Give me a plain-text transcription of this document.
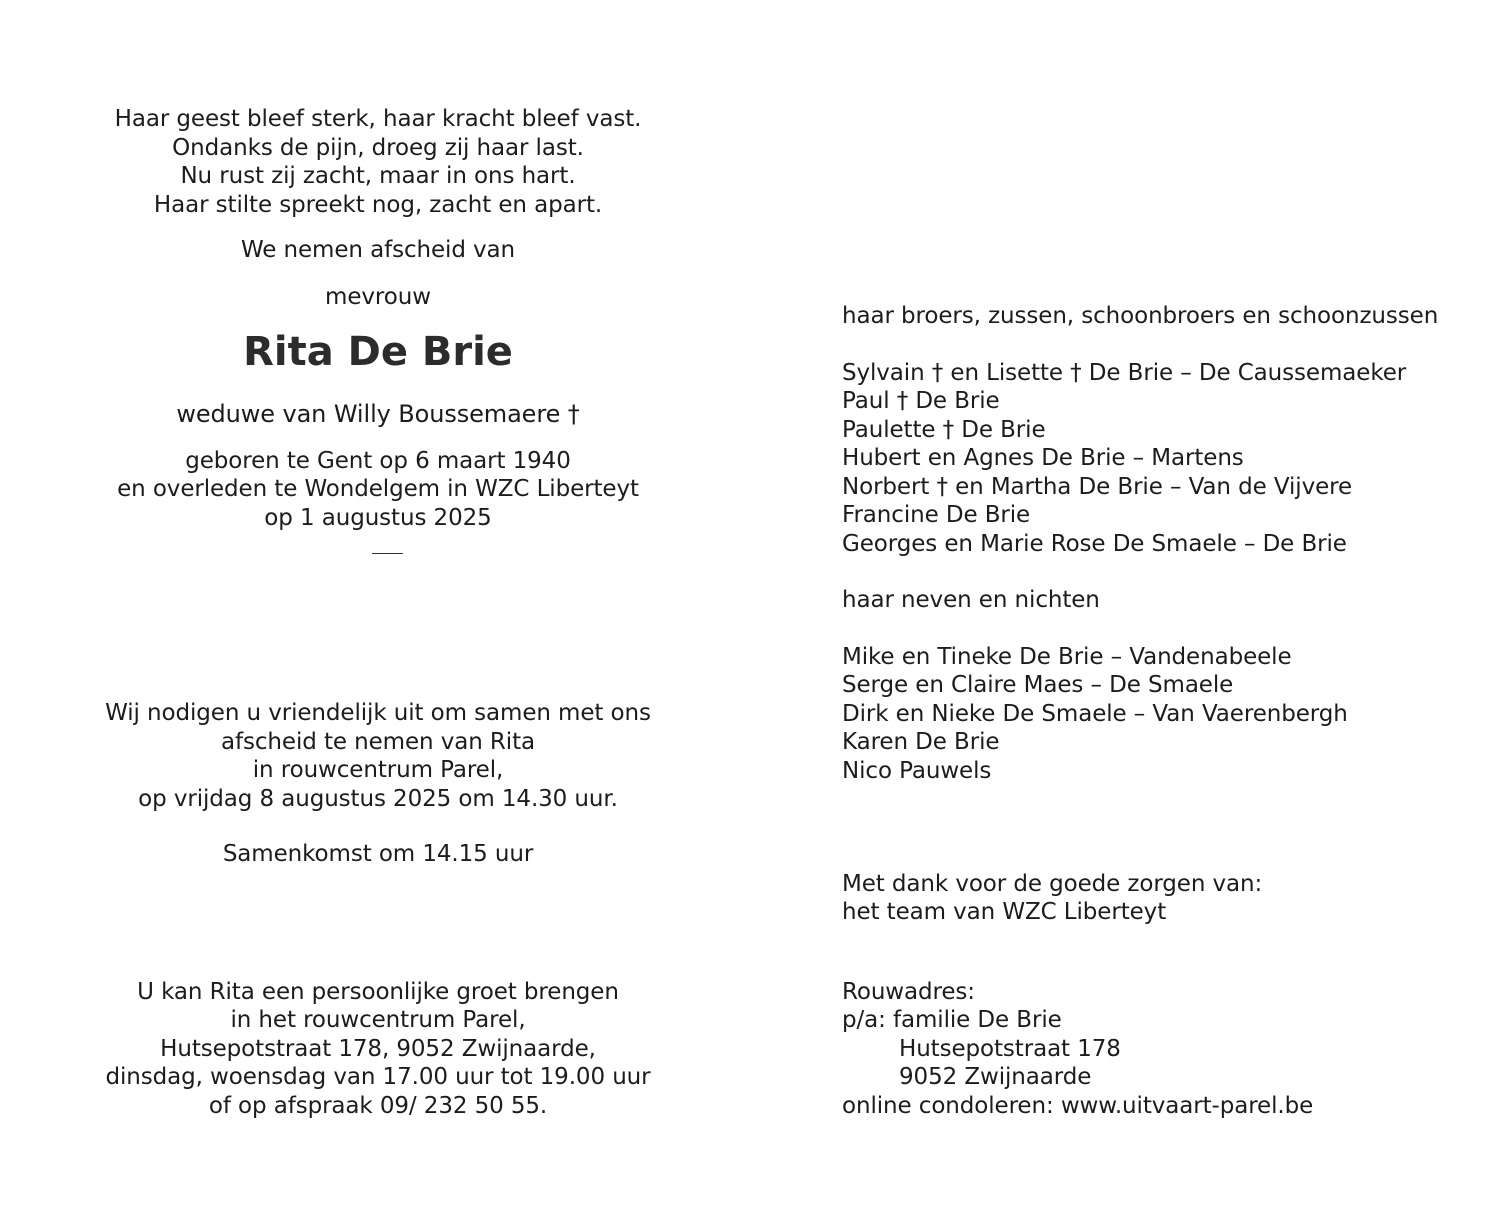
Haar geest bleef sterk, haar kracht bleef vast.
Ondanks de pijn, droeg zij haar last.
Nu rust zij zacht, maar in ons hart.
Haar stilte spreekt nog, zacht en apart.
We nemen afscheid van
mevrouw
Rita De Brie
weduwe van Willy Boussemaere †
geboren te Gent op 6 maart 1940
en overleden te Wondelgem in WZC Liberteyt
op 1 augustus 2025
Wij nodigen u vriendelijk uit om samen met ons
afscheid te nemen van Rita
in rouwcentrum Parel,
op vrijdag 8 augustus 2025 om 14.30 uur.
Samenkomst om 14.15 uur
U kan Rita een persoonlijke groet brengen
in het rouwcentrum Parel,
Hutsepotstraat 178, 9052 Zwijnaarde,
dinsdag, woensdag van 17.00 uur tot 19.00 uur
of op afspraak 09/ 232 50 55.
haar broers, zussen, schoonbroers en schoonzussen
Sylvain † en Lisette † De Brie – De Caussemaeker
Paul † De Brie
Paulette † De Brie
Hubert en Agnes De Brie – Martens
Norbert † en Martha De Brie – Van de Vijvere
Francine De Brie
Georges en Marie Rose De Smaele – De Brie
haar neven en nichten
Mike en Tineke De Brie – Vandenabeele
Serge en Claire Maes – De Smaele
Dirk en Nieke De Smaele – Van Vaerenbergh
Karen De Brie
Nico Pauwels
Met dank voor de goede zorgen van:
het team van WZC Liberteyt
Rouwadres:
p/a: familie De Brie
Hutsepotstraat 178
9052 Zwijnaarde
online condoleren: www.uitvaart-parel.be
